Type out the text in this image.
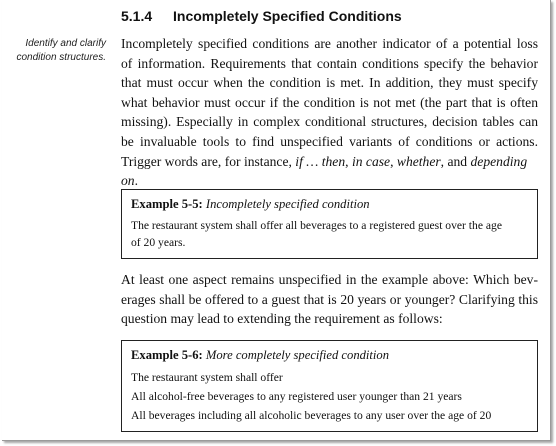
5.1.4 Incompletely Specified Conditions
Identify and clarify condition structures.
Incompletely specified conditions are another indicator of a potential loss
of information. Requirements that contain conditions specify the behavior
that must occur when the condition is met. In addition, they must specify
what behavior must occur if the condition is not met (the part that is often
missing). Especially in complex conditional structures, decision tables can
be invaluable tools to find unspecified variants of conditions or actions.
Trigger words are, for instance, if … then, in case, whether, and depending
on.
Example 5-5: Incompletely specified condition
The restaurant system shall offer all beverages to a registered guest over the age
of 20 years.
At least one aspect remains unspecified in the example above: Which bev-
erages shall be offered to a guest that is 20 years or younger? Clarifying this
question may lead to extending the requirement as follows:
Example 5-6: More completely specified condition
The restaurant system shall offer
All alcohol-free beverages to any registered user younger than 21 years
All beverages including all alcoholic beverages to any user over the age of 20
